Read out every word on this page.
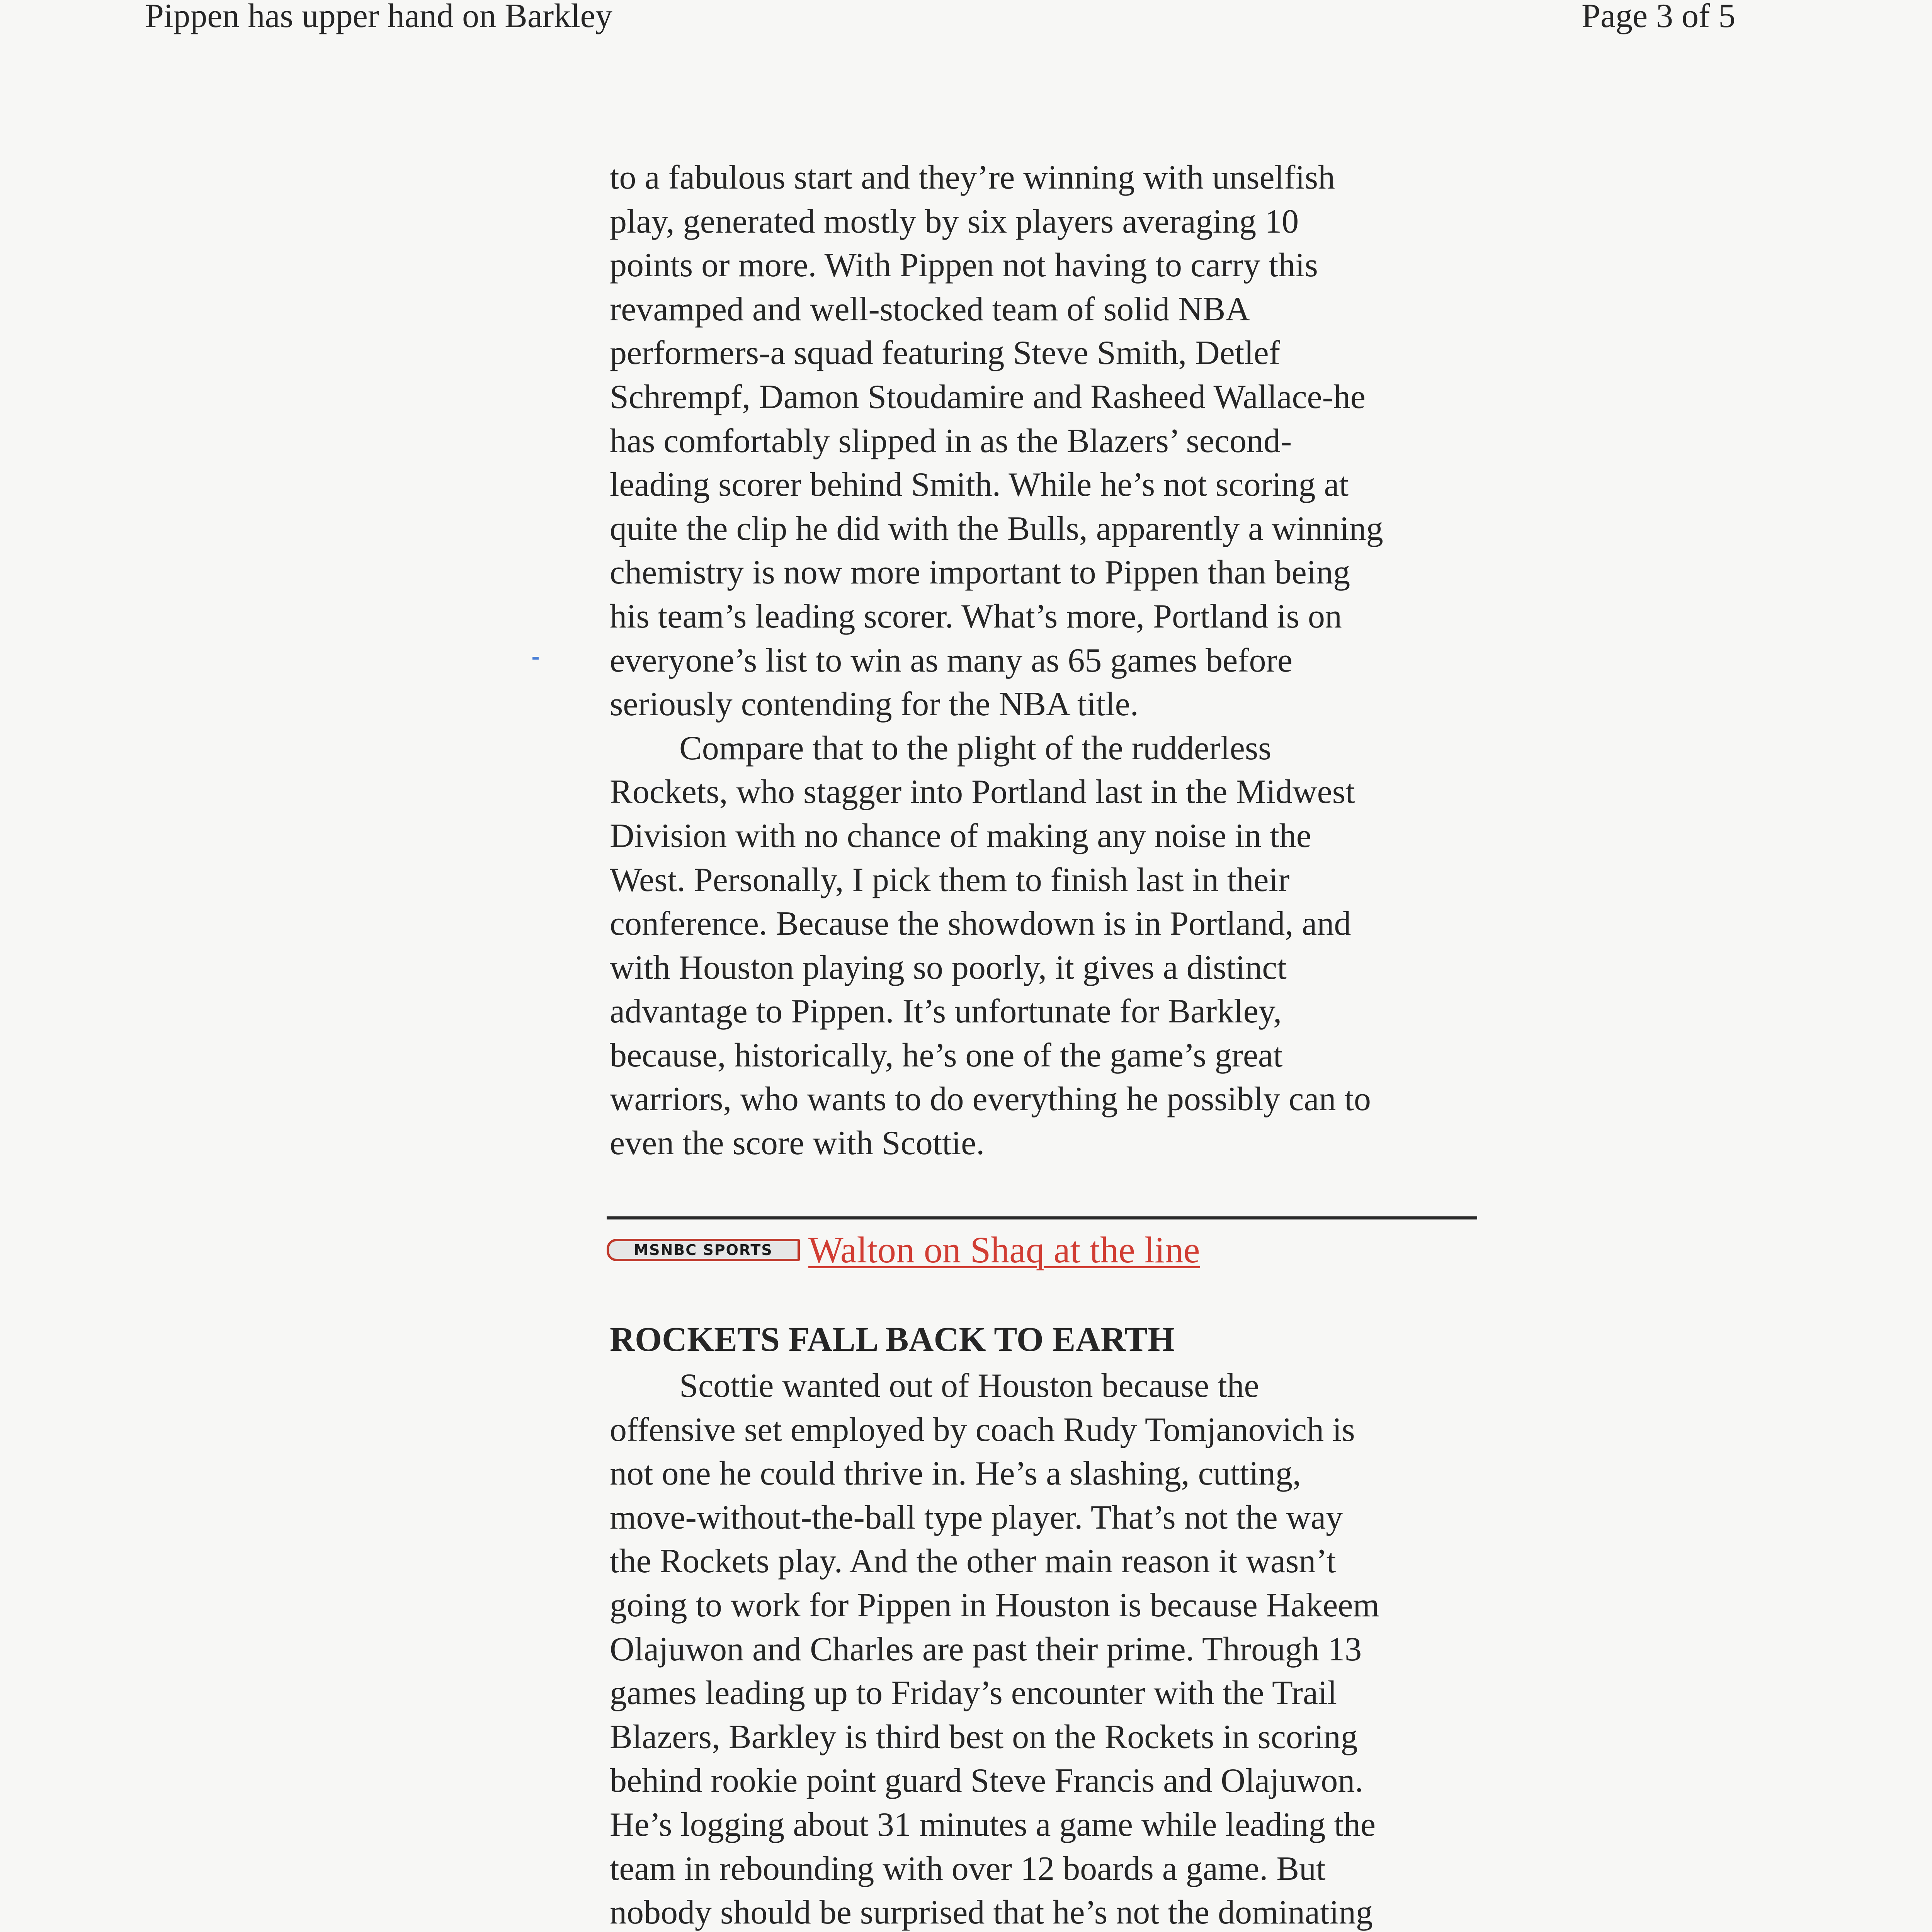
Pippen has upper hand on Barkley	Page 3 of 5
to a fabulous start and they’re winning with unselfish
play, generated mostly by six players averaging 10
points or more. With Pippen not having to carry this
revamped and well-stocked team of solid NBA
performers-a squad featuring Steve Smith, Detlef
Schrempf, Damon Stoudamire and Rasheed Wallace-he
has comfortably slipped in as the Blazers’ second-
leading scorer behind Smith. While he’s not scoring at
quite the clip he did with the Bulls, apparently a winning
chemistry is now more important to Pippen than being
his team’s leading scorer. What’s more, Portland is on
everyone’s list to win as many as 65 games before
seriously contending for the NBA title.
Compare that to the plight of the rudderless
Rockets, who stagger into Portland last in the Midwest
Division with no chance of making any noise in the
West. Personally, I pick them to finish last in their
conference. Because the showdown is in Portland, and
with Houston playing so poorly, it gives a distinct
advantage to Pippen. It’s unfortunate for Barkley,
because, historically, he’s one of the game’s great
warriors, who wants to do everything he possibly can to
even the score with Scottie.
MSNBC SPORTS Walton on Shaq at the line
ROCKETS FALL BACK TO EARTH
Scottie wanted out of Houston because the
offensive set employed by coach Rudy Tomjanovich is
not one he could thrive in. He’s a slashing, cutting,
move-without-the-ball type player. That’s not the way
the Rockets play. And the other main reason it wasn’t
going to work for Pippen in Houston is because Hakeem
Olajuwon and Charles are past their prime. Through 13
games leading up to Friday’s encounter with the Trail
Blazers, Barkley is third best on the Rockets in scoring
behind rookie point guard Steve Francis and Olajuwon.
He’s logging about 31 minutes a game while leading the
team in rebounding with over 12 boards a game. But
nobody should be surprised that he’s not the dominating
